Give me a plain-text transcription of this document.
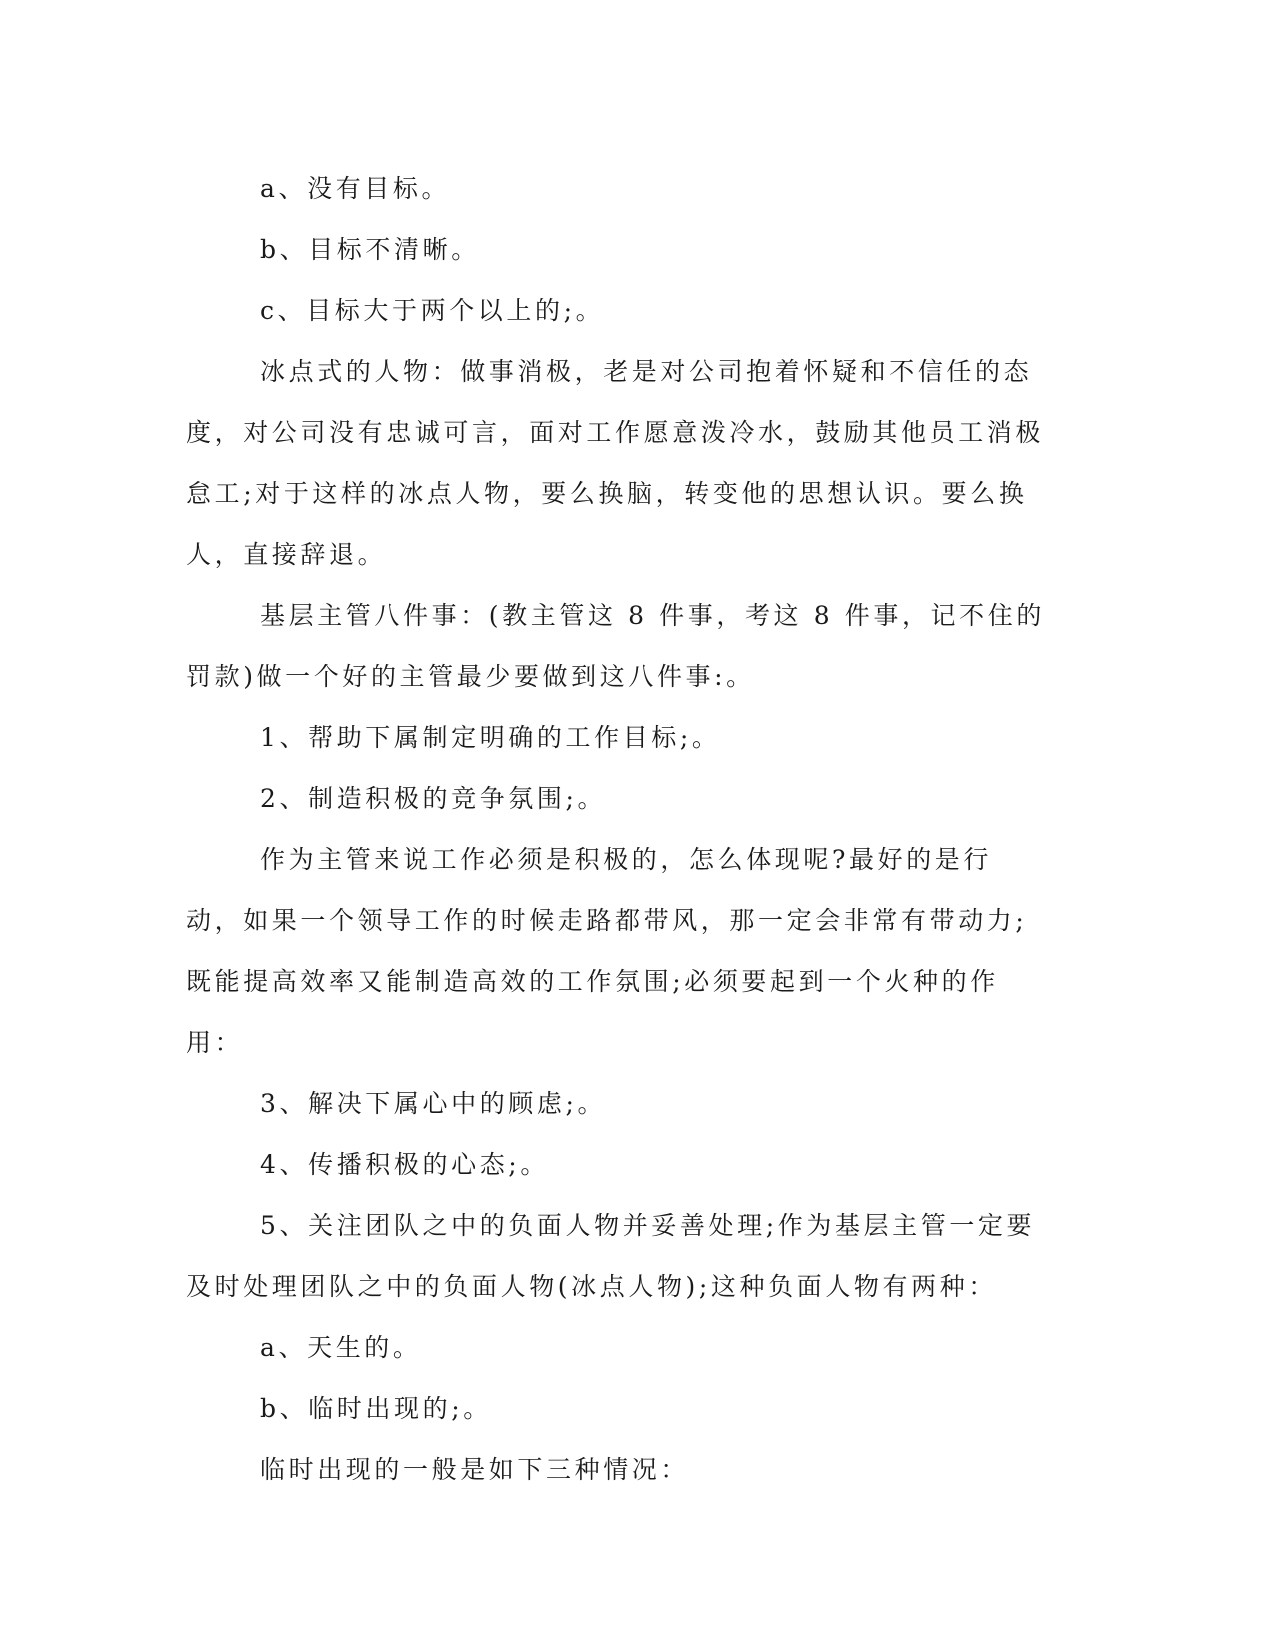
a、没有目标。

b、目标不清晰。

c、目标大于两个以上的;。

冰点式的人物：做事消极，老是对公司抱着怀疑和不信任的态度，对公司没有忠诚可言，面对工作愿意泼冷水，鼓励其他员工消极怠工;对于这样的冰点人物，要么换脑，转变他的思想认识。要么换人，直接辞退。

基层主管八件事：(教主管这 8 件事，考这 8 件事，记不住的罚款)做一个好的主管最少要做到这八件事:。

1、帮助下属制定明确的工作目标;。

2、制造积极的竞争氛围;。

作为主管来说工作必须是积极的，怎么体现呢?最好的是行动，如果一个领导工作的时候走路都带风，那一定会非常有带动力;既能提高效率又能制造高效的工作氛围;必须要起到一个火种的作用：

3、解决下属心中的顾虑;。

4、传播积极的心态;。

5、关注团队之中的负面人物并妥善处理;作为基层主管一定要及时处理团队之中的负面人物(冰点人物);这种负面人物有两种：

a、天生的。

b、临时出现的;。

临时出现的一般是如下三种情况：
